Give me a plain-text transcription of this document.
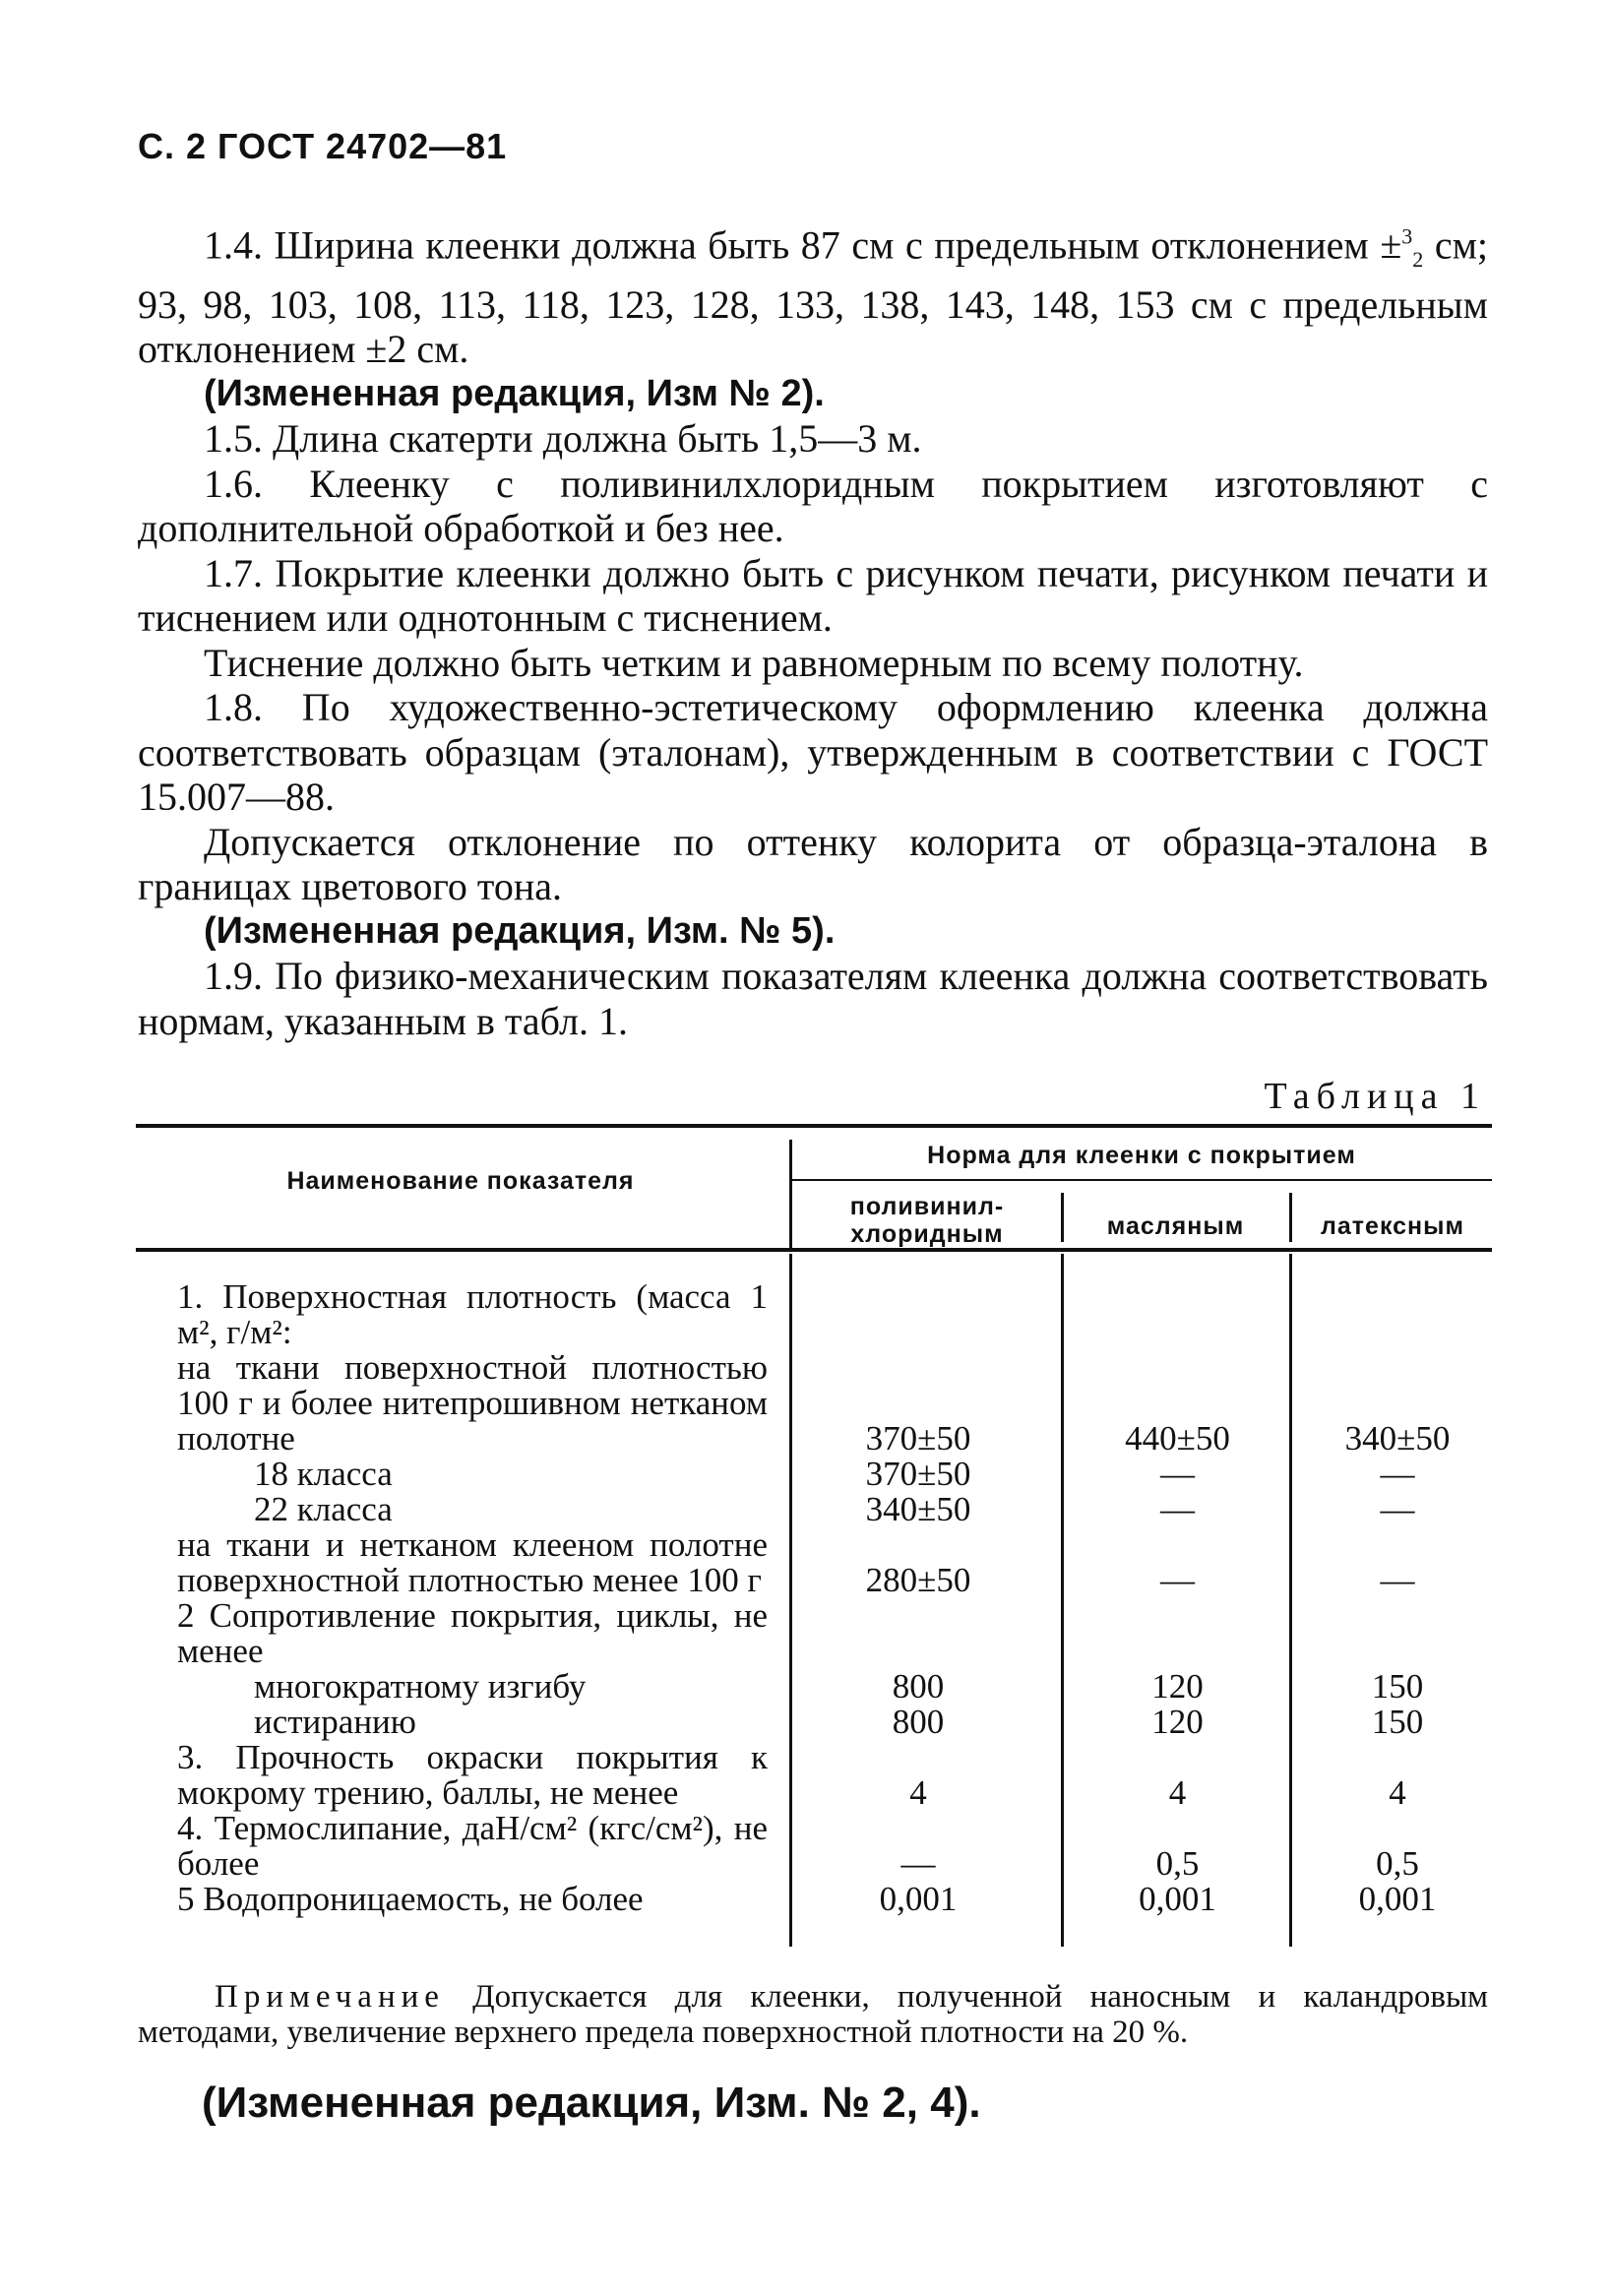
С. 2 ГОСТ 24702—81

1.4. Ширина клеенки должна быть 87 см с предельным отклонением ±$^3_2$ см; 93, 98, 103, 108, 113, 118, 123, 128, 133, 138, 143, 148, 153 см с предельным отклонением ±2 см.

(Измененная редакция, Изм № 2).

1.5. Длина скатерти должна быть 1,5—3 м.

1.6. Клеенку с поливинилхлоридным покрытием изготовляют с дополнительной обработкой и без нее.

1.7. Покрытие клеенки должно быть с рисунком печати, рисунком печати и тиснением или однотонным с тиснением.

Тиснение должно быть четким и равномерным по всему полотну.

1.8. По художественно-эстетическому оформлению клеенка должна соответствовать образцам (эталонам), утвержденным в соответствии с ГОСТ 15.007—88.

Допускается отклонение по оттенку колорита от образца-эталона в границах цветового тона.

(Измененная редакция, Изм. № 5).

1.9. По физико-механическим показателям клеенка должна соответствовать нормам, указанным в табл. 1.

Таблица 1
Наименование показателя
Норма для клеенки с покрытием
поливинил-хлоридным	масляным	латексным
1. Поверхностная плотность (масса 1 м², г/м²:
на ткани поверхностной плотностью 100 г и более нитепрошивном нетканом полотне	370±50	440±50	340±50
18 класса	370±50	—	—
22 класса	340±50	—	—
на ткани и нетканом клееном полотне поверхностной плотностью менее 100 г	280±50	—	—
2 Сопротивление покрытия, циклы, не менее
многократному изгибу	800	120	150
истиранию	800	120	150
3. Прочность окраски покрытия к мокрому трению, баллы, не менее	4	4	4
4. Термослипание, даН/см² (кгс/см²), не более	—	0,5	0,5
5 Водопроницаемость, не более	0,001	0,001	0,001
Примечание Допускается для клеенки, полученной наносным и каландровым методами, увеличение верхнего предела поверхностной плотности на 20 %.
(Измененная редакция, Изм. № 2, 4).
